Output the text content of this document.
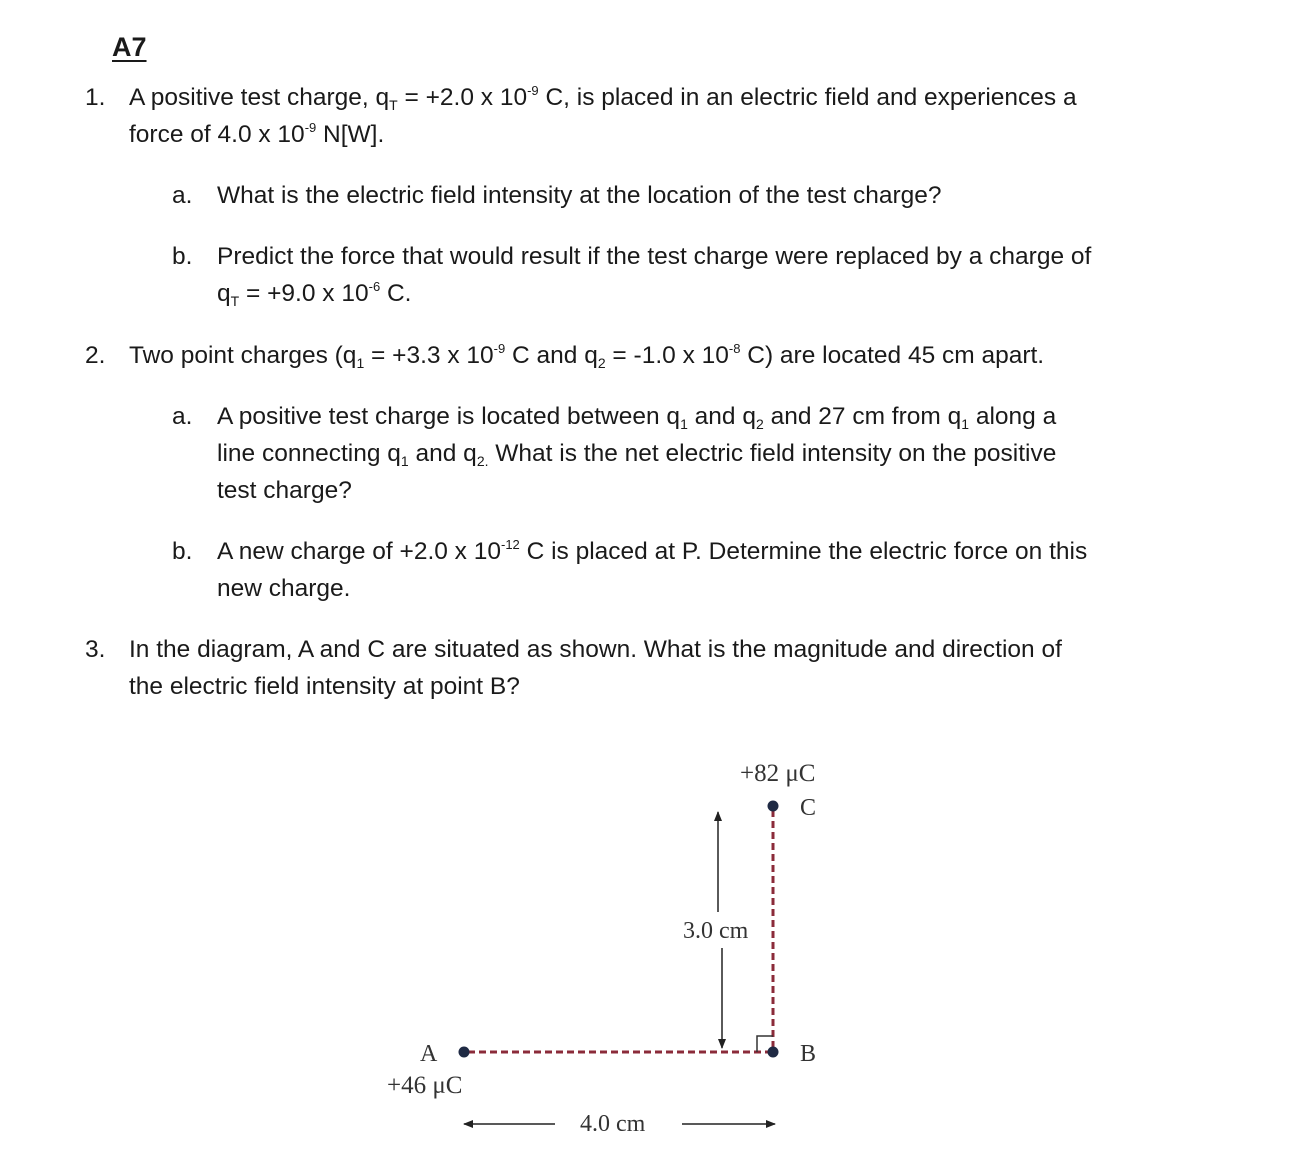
A7
1. A positive test charge, $q_T = +2.0$ x $10^{-9}$ C, is placed in an electric field and experiences a
force of 4.0 x $10^{-9}$ N[W].
a. What is the electric field intensity at the location of the test charge?
b. Predict the force that would result if the test charge were replaced by a charge of
$q_T = +9.0$ x $10^{-6}$ C.
2. Two point charges ($q_1 = +3.3$ x $10^{-9}$ C and $q_2 = -1.0$ x $10^{-8}$ C) are located 45 cm apart.
a. A positive test charge is located between $q_1$ and $q_2$ and 27 cm from $q_1$ along a
line connecting $q_1$ and $q_{2.}$ What is the net electric field intensity on the positive
test charge?
b. A new charge of +2.0 x $10^{-12}$ C is placed at P. Determine the electric force on this
new charge.
3. In the diagram, A and C are situated as shown. What is the magnitude and direction of
the electric field intensity at point B?
+82 μC
C
3.0 cm
A
+46 μC
B
4.0 cm
